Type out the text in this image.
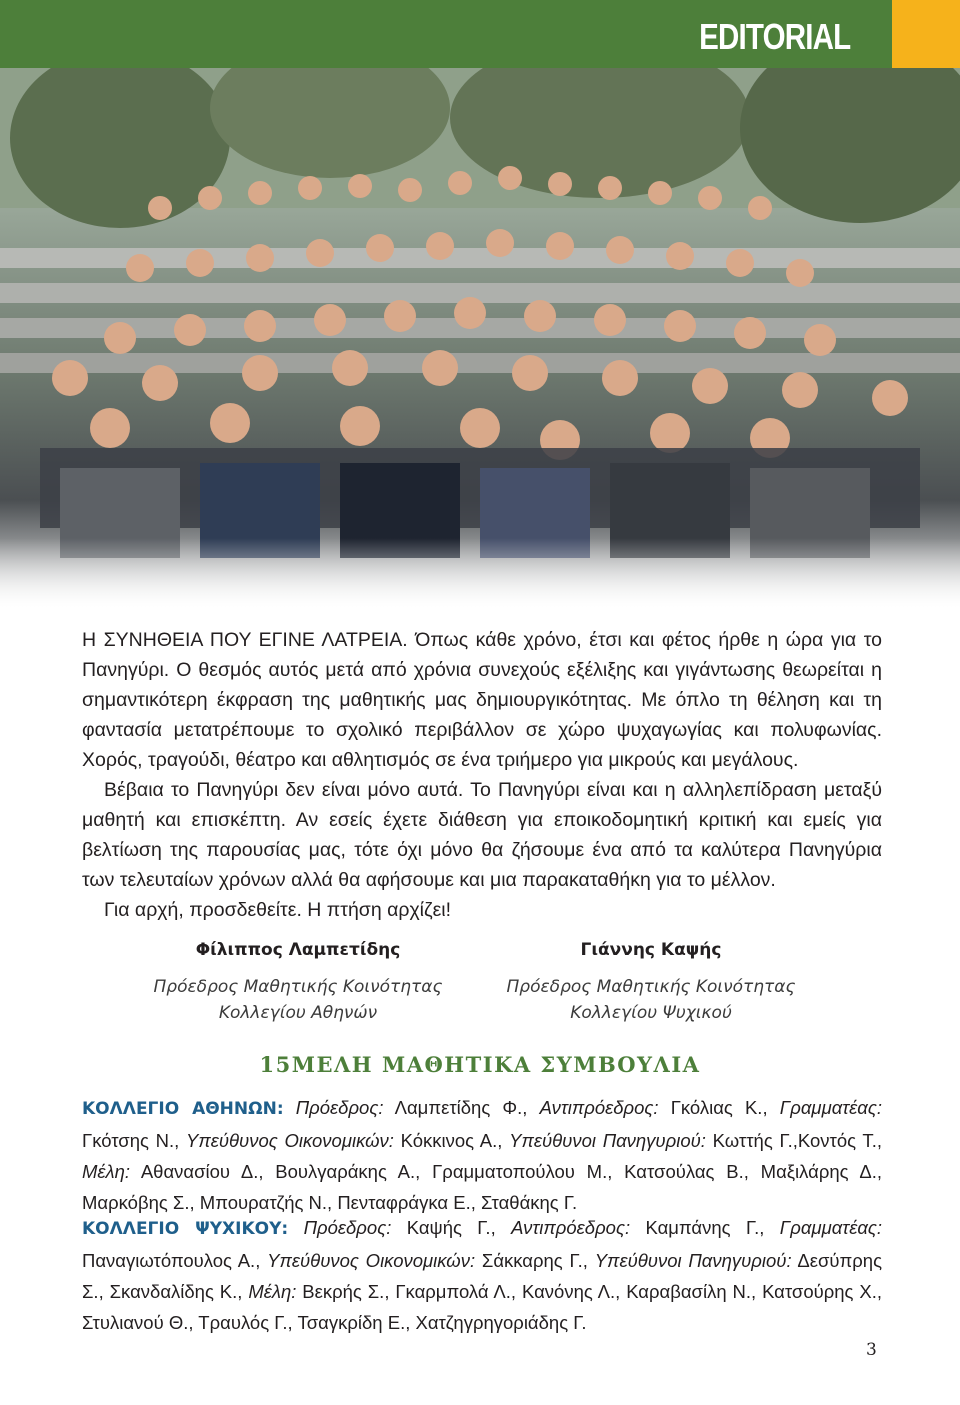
EDITORIAL

Η ΣΥΝΗΘΕΙΑ ΠΟΥ ΕΓΙΝΕ ΛΑΤΡΕΙΑ. Όπως κάθε χρόνο, έτσι και φέτος ήρθε η ώρα για το Πανηγύρι. Ο θεσμός αυτός μετά από χρόνια συνεχούς εξέλιξης και γιγάντωσης θεωρείται η σημαντικότερη έκφραση της μαθητικής μας δημιουργικότητας. Με όπλο τη θέληση και τη φαντασία μετατρέπουμε το σχολικό περιβάλλον σε χώρο ψυχαγωγίας και πολυφωνίας. Χορός, τραγούδι, θέατρο και αθλητισμός σε ένα τριήμερο για μικρούς και μεγάλους.

Βέβαια το Πανηγύρι δεν είναι μόνο αυτά. Το Πανηγύρι είναι και η αλληλεπίδραση μεταξύ μαθητή και επισκέπτη. Αν εσείς έχετε διάθεση για εποικοδομητική κριτική και εμείς για βελτίωση της παρουσίας μας, τότε όχι μόνο θα ζήσουμε ένα από τα καλύτερα Πανηγύρια των τελευταίων χρόνων αλλά θα αφήσουμε και μια παρακαταθήκη για το μέλλον.

Για αρχή, προσδεθείτε. Η πτήση αρχίζει!

Φίλιππος Λαμπετίδης
Πρόεδρος Μαθητικής Κοινότητας
Κολλεγίου Αθηνών
Γιάννης Καψής
Πρόεδρος Μαθητικής Κοινότητας
Κολλεγίου Ψυχικού
15ΜΕΛΗ ΜΑΘΗΤΙΚΑ ΣΥΜΒΟΥΛΙΑ
ΚΟΛΛΕΓΙΟ ΑΘΗΝΩΝ: Πρόεδρος: Λαμπετίδης Φ., Αντιπρόεδρος: Γκόλιας Κ., Γραμματέας: Γκότσης Ν., Υπεύθυνος Οικονομικών: Κόκκινος Α., Υπεύθυνοι Πανηγυριού: Κωττής Γ.,Κοντός Τ., Μέλη: Αθανασίου Δ., Βουλγαράκης Α., Γραμματοπούλου Μ., Κατσούλας Β., Μαξιλάρης Δ., Μαρκόβης Σ., Μπουρατζής Ν., Πενταφράγκα Ε., Σταθάκης Γ.
ΚΟΛΛΕΓΙΟ ΨΥΧΙΚΟΥ: Πρόεδρος: Καψής Γ., Αντιπρόεδρος: Καμπάνης Γ., Γραμματέας: Παναγιωτόπουλος Α., Υπεύθυνος Οικονομικών: Σάκκαρης Γ., Υπεύθυνοι Πανηγυριού: Δεσύπρης Σ., Σκανδαλίδης Κ., Μέλη: Βεκρής Σ., Γκαρμπολά Λ., Κανόνης Λ., Καραβασίλη Ν., Κατσούρης Χ., Στυλιανού Θ., Τραυλός Γ., Τσαγκρίδη Ε., Χατζηγρηγοριάδης Γ.
3
